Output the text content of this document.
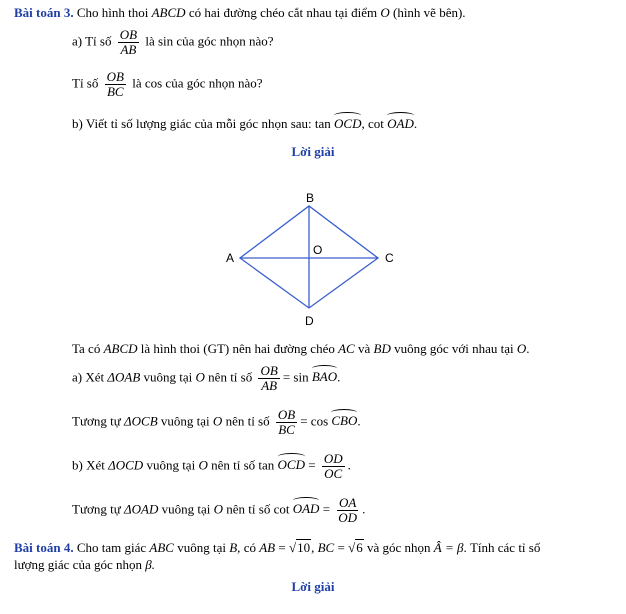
Bài toán 3. Cho hình thoi ABCD có hai đường chéo cắt nhau tại điểm O (hình vẽ bên).
a) Tỉ số $\frac{OB}{AB}$ là sin của góc nhọn nào?
Tỉ số $\frac{OB}{BC}$ là cos của góc nhọn nào?
b) Viết tỉ số lượng giác của mỗi góc nhọn sau: tan OCD, cot OAD.
Lời giải
B
A	C
D
O
Ta có ABCD là hình thoi (GT) nên hai đường chéo AC và BD vuông góc với nhau tại O.
a) Xét ΔOAB vuông tại O nên tỉ số $\frac{OB}{AB} = \sin$ BAO.
Tương tự ΔOCB vuông tại O nên tỉ số $\frac{OB}{BC} = \cos$ CBO.
b) Xét ΔOCD vuông tại O nên tỉ số tan OCD = $\frac{OD}{OC}$ .
Tương tự ΔOAD vuông tại O nên tỉ số cot OAD = $\frac{OA}{OD}$ .
Bài toán 4. Cho tam giác ABC vuông tại B, có AB = √10, BC = √6 và góc nhọn Â = β. Tính các tỉ số
lượng giác của góc nhọn β.
Lời giải
